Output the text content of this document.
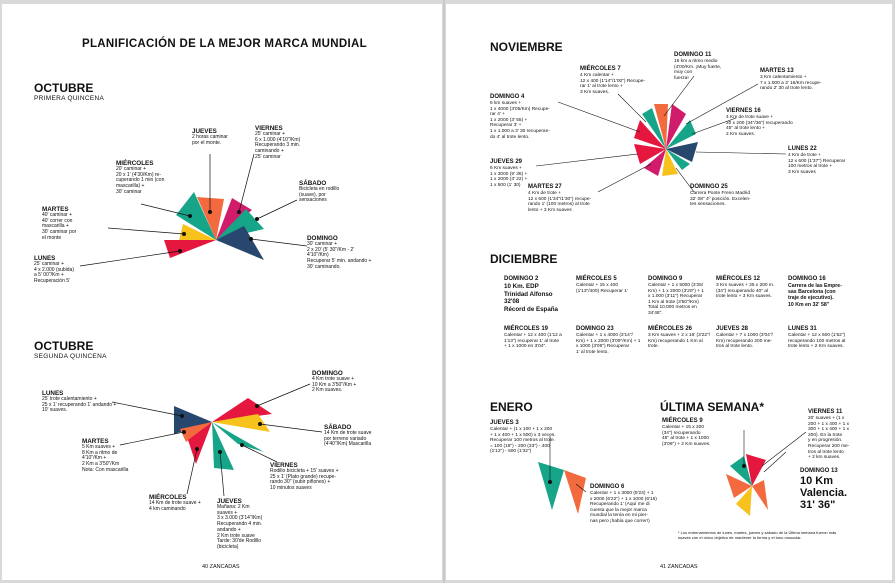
PLANIFICACIÓN DE LA MEJOR MARCA MUNDIAL
OCTUBRE
PRIMERA QUINCENA
JUEVES
2 horas caminar
por el monte.
MIÉRCOLES
20' caminar +
20 x 1' (4'30/Km) re-
cuperando 1 min (con
mascarilla) +
30' caminar
VIERNES
25' caminar +
6 x 1.000 (4'10"/Km)
Recuperando 3 min.
caminando +
25' caminar
MARTES
40' caminar +
40' correr con
mascarilla +
30' caminar por
el monte
SÁBADO
Bicicleta en rodillo
(suave), por
sensaciones
DOMINGO
30' caminar +
2 x 20' (5' 30"/Km - 2'
4'10"/Km)
Recuperar 5' min. andando +
30' caminando.
LUNES
25' caminar +
4 x 2.000 (subida)
a 5' 00"/Km +
Recuperación 5'
OCTUBRE
SEGUNDA QUINCENA
LUNES
25' trote calentamiento +
25 x 1' recuperando 1' andando +
10' suaves.
DOMINGO
4 Km trote suave +
10 Km a 3'50"/Km +
2 Km suaves.
MARTES
5 Km suaves +
8 Km a ritmo de
4'10"/Km +
2 Km a 3'50"/Km
Nota: Con mascarilla
SÁBADO
14 Km de trote suave
por terreno variado
(4'40"/Km) Mascarilla
VIERNES
Rodillo bicicleta + 15' suaves +
25 x 1' (Plato grande) recupe-
rando 30" (subir piñones) +
10 minutos suaves
MIÉRCOLES
14 Km de trote suave +
4 km caminando
JUEVES
Mañana: 2 Km
suaves +
3 x 3.000 (3'14"/Km)
Recuperando 4 min.
andando +
2 Km trote suave
Tarde: 30'de Rodillo
(bicicleta)
40 ZANCADAS
NOVIEMBRE
MIÉRCOLES 7
4 Km calentar +
12 x 400 (1'14"/1'00") Recupe-
rar 1' al trote lento +
3 Km suaves.
DOMINGO 11
16 km a ritmo medio
(4'00/Km. ¡Muy fuerte,
muy con
fuerza!
MARTES 13
3 Km calentamiento +
7 x 1.000 a 3' 16/Km recupe-
rando 2' 30 al trote lento.
DOMINGO 4
6 km suaves +
1 x 4000 (3'05/Km) Recupe-
rar 4' +
1 x 2000 (3' 55) +
Recuperar 3' +
1 x 1.000 a 3' 30 recuperan-
do 4' al trote lento.
VIERNES 16
4 Km de trote suave +
20 x 200 (34"/36") recuperando
45" al trote lento +
2 Km suaves.
LUNES 22
4 Km de trote +
12 x 600 (1'37") Recuperar
100 metros al trote +
3 Km suaves
JUEVES 29
6 Km suaves +
1 x 3000 (9' 36) +
1 x 2000 (3' 22) +
1 x 500 (1' 30)	MARTES 27
4 Km de trote +
12 x 600 (1'34"/1'30") recupe-
rando 1' (100 metros) al trote
lento + 3 Km suaves
DOMINGO 25
Carrera Ponte Freno Madrid
32' 08" 4º posición. Excelen-
tes sensaciones.
DICIEMBRE
DOMINGO 2
10 Km. EDP
Trinidad Alfonso
32'08
Récord de España
MIÉRCOLES 5
Calentar + 15 x 400
(1'13"/400) Recuperar 1'
DOMINGO 9
Calentar + 1 x 5000 (3'25/
Km) + 1 x 2000 (3'20") + 1
x 1.000 (3'11") Recuperar
1 Km al trote (3'50"/Km)
Total 10.000 metros en
34'48".
MIÉRCOLES 12
3 Km suaves + 25 x 200 m.
(34") recuperando 40" al
trote lento + 3 Km suaves.
DOMINGO 16
Carrera de las Empre-
sas Barcelona (con
traje de ejecutivo).
10 Km en 32' 58"
MIÉRCOLES 19
Calentar + 12 x 400 (1'12 a
1'13") recuperar 1' al trote
+ 1 x 1000 en 3'04".
DOMINGO 23
Calentar + 1 x 4000 (3'14"/
Km) + 1 x 2000 (3'09"/Km) + 1
x 1000 (3'06") Recuperar
1' al trote lento.
MIÉRCOLES 26
3 Km suaves + 2 x 16' (3'22"/
Km) recuperando 1 Km al
trote.
JUEVES 28
Calentar + 7 x 1000 (3'04"/
Km) recuperando 200 me-
tros al trote lento.
LUNES 31
Calentar + 12 x 600 (1'52")
recuperando 100 metros al
trote lento + 2 Km suaves.
ENERO
JUEVES 3
Calentar + (1 x 100 + 1 x 200
+ 1 x 400 + 1 x 500) x 3 veces.
Recuperar 100 metros al trote.
= 100 (18") - 200 (33") - 400
(1'12") - 500 (1'32")
DOMINGO 6
Calentar + 1 x 3000 (9'23) + 1
x 2000 (6'22") + 1 x 1000 (6'15)
Recuperando 1' (Aquí me di
cuenta que la mejor marca
mundial la tenía en mi pier-
nas pero ¡había que correr!)
ÚLTIMA SEMANA*
MIÉRCOLES 9
Calentar + 15 x 200
(34") recuperando
45" al trote + 1 x 1000
(3'06") + 2 Km suaves.
VIERNES 11
20' suaves + (1 x
200 + 1 x 400 + 1 x
300 + 1 x 400 + 1 x
200). En la trote
y en progresión.
Recuperar 200 me-
tros al trote lento
+ 2 km suaves.
DOMINGO 13
10 Km
Valencia.
31' 36"
* Los entrenamientos de lunes, martes, jueves y sábado de la Última semana fueron más
suaves con el único objetivo de mantener la forma y el tono muscular.
41 ZANCADAS
